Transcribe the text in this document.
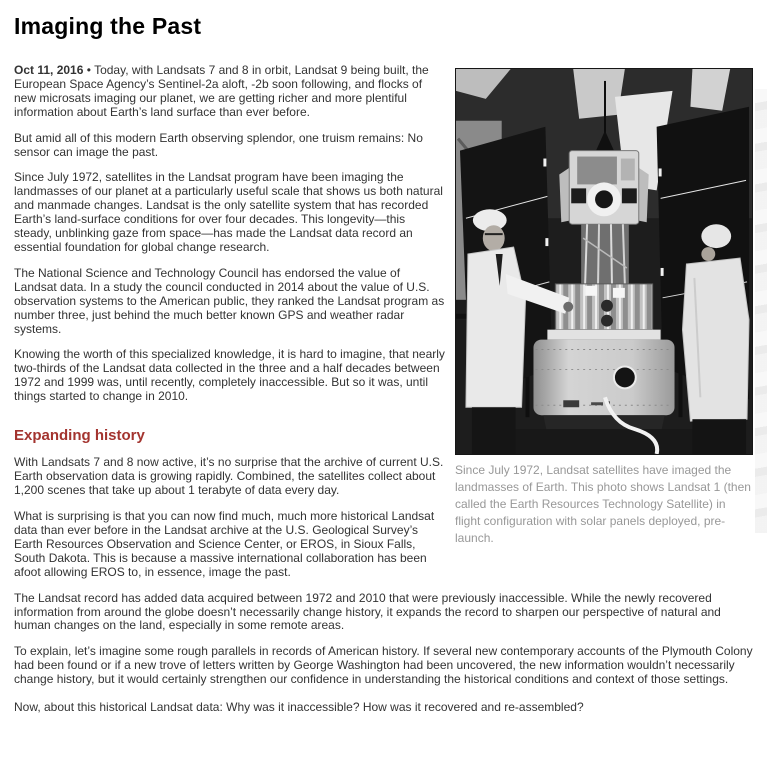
Imaging the Past
Since July 1972, Landsat satellites have imaged the landmasses of Earth. This photo shows Landsat 1 (then called the Earth Resources Technology Satellite) in flight configuration with solar panels deployed, pre-launch.

Oct 11, 2016 • Today, with Landsats 7 and 8 in orbit, Landsat 9 being built, the European Space Agency’s Sentinel-2a aloft, -2b soon following, and flocks of new microsats imaging our planet, we are getting richer and more plentiful information about Earth’s land surface than ever before.

But amid all of this modern Earth observing splendor, one truism remains: No sensor can image the past.

Since July 1972, satellites in the Landsat program have been imaging the landmasses of our planet at a particularly useful scale that shows us both natural and manmade changes. Landsat is the only satellite system that has recorded Earth’s land-surface conditions for over four decades. This longevity—this steady, unblinking gaze from space—has made the Landsat data record an essential foundation for global change research.

The National Science and Technology Council has endorsed the value of Landsat data. In a study the council conducted in 2014 about the value of U.S. observation systems to the American public, they ranked the Landsat program as number three, just behind the much better known GPS and weather radar systems.

Knowing the worth of this specialized knowledge, it is hard to imagine, that nearly two-thirds of the Landsat data collected in the three and a half decades between 1972 and 1999 was, until recently, completely inaccessible. But so it was, until things started to change in 2010.

Expanding history

With Landsats 7 and 8 now active, it’s no surprise that the archive of current U.S. Earth observation data is growing rapidly. Combined, the satellites collect about 1,200 scenes that take up about 1 terabyte of data every day.

What is surprising is that you can now find much, much more historical Landsat data than ever before in the Landsat archive at the U.S. Geological Survey’s Earth Resources Observation and Science Center, or EROS, in Sioux Falls, South Dakota. This is because a massive international collaboration has been afoot allowing EROS to, in essence, image the past.

The Landsat record has added data acquired between 1972 and 2010 that were previously inaccessible. While the newly recovered information from around the globe doesn’t necessarily change history, it expands the record to sharpen our perspective of natural and human changes on the land, especially in some remote areas.

To explain, let’s imagine some rough parallels in records of American history. If several new contemporary accounts of the Plymouth Colony had been found or if a new trove of letters written by George Washington had been uncovered, the new information wouldn’t necessarily change history, but it would certainly strengthen our confidence in understanding the historical conditions and context of those settings.

Now, about this historical Landsat data: Why was it inaccessible? How was it recovered and re-assembled?
